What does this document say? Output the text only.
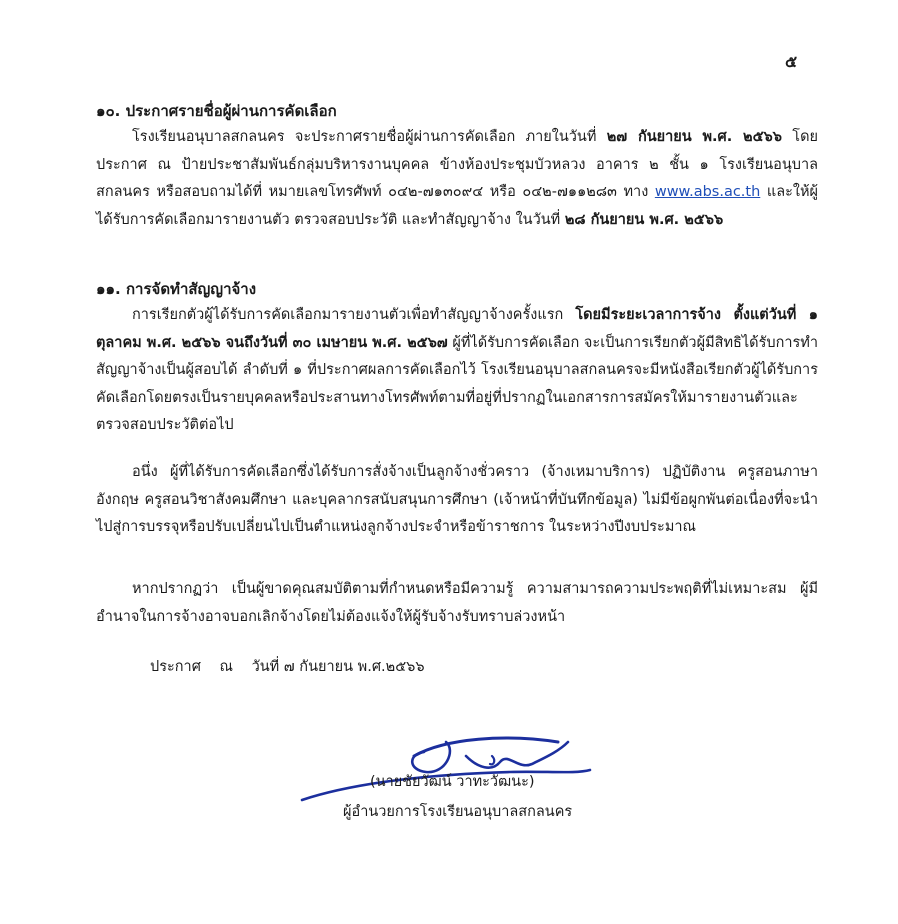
๕

๑๐. ประกาศรายชื่อผู้ผ่านการคัดเลือก

โรงเรียนอนุบาลสกลนคร จะประกาศรายชื่อผู้ผ่านการคัดเลือก ภายในวันที่ ๒๗ กันยายน พ.ศ. ๒๕๖๖ โดยประกาศ ณ ป้ายประชาสัมพันธ์กลุ่มบริหารงานบุคคล ข้างห้องประชุมบัวหลวง อาคาร ๒ ชั้น ๑ โรงเรียนอนุบาลสกลนคร หรือสอบถามได้ที่ หมายเลขโทรศัพท์ ๐๔๒-๗๑๓๐๙๔ หรือ ๐๔๒-๗๑๑๒๘๓ ทาง www.abs.ac.th และให้ผู้ได้รับการคัดเลือกมารายงานตัว ตรวจสอบประวัติ และทำสัญญาจ้าง ในวันที่ ๒๘ กันยายน พ.ศ. ๒๕๖๖

๑๑. การจัดทำสัญญาจ้าง

การเรียกตัวผู้ได้รับการคัดเลือกมารายงานตัวเพื่อทำสัญญาจ้างครั้งแรก โดยมีระยะเวลาการจ้าง ตั้งแต่วันที่ ๑ ตุลาคม พ.ศ. ๒๕๖๖ จนถึงวันที่ ๓๐ เมษายน พ.ศ. ๒๕๖๗ ผู้ที่ได้รับการคัดเลือก จะเป็นการเรียกตัวผู้มีสิทธิได้รับการทำสัญญาจ้างเป็นผู้สอบได้ ลำดับที่ ๑ ที่ประกาศผลการคัดเลือกไว้ โรงเรียนอนุบาลสกลนครจะมีหนังสือเรียกตัวผู้ได้รับการคัดเลือกโดยตรงเป็นรายบุคคลหรือประสานทางโทรศัพท์ตามที่อยู่ที่ปรากฏในเอกสารการสมัครให้มารายงานตัวและตรวจสอบประวัติต่อไป

อนึ่ง ผู้ที่ได้รับการคัดเลือกซึ่งได้รับการสั่งจ้างเป็นลูกจ้างชั่วคราว (จ้างเหมาบริการ) ปฏิบัติงาน ครูสอนภาษาอังกฤษ ครูสอนวิชาสังคมศึกษา และบุคลากรสนับสนุนการศึกษา (เจ้าหน้าที่บันทึกข้อมูล) ไม่มีข้อผูกพันต่อเนื่องที่จะนำไปสู่การบรรจุหรือปรับเปลี่ยนไปเป็นตำแหน่งลูกจ้างประจำหรือข้าราชการ ในระหว่างปีงบประมาณ

หากปรากฏว่า เป็นผู้ขาดคุณสมบัติตามที่กำหนดหรือมีความรู้ ความสามารถความประพฤติที่ไม่เหมาะสม ผู้มีอำนาจในการจ้างอาจบอกเลิกจ้างโดยไม่ต้องแจ้งให้ผู้รับจ้างรับทราบล่วงหน้า

ประกาศ ณ วันที่ ๗ กันยายน พ.ศ.๒๕๖๖
(นายชัยวัฒน์ วาทะวัฒนะ)
ผู้อำนวยการโรงเรียนอนุบาลสกลนคร
